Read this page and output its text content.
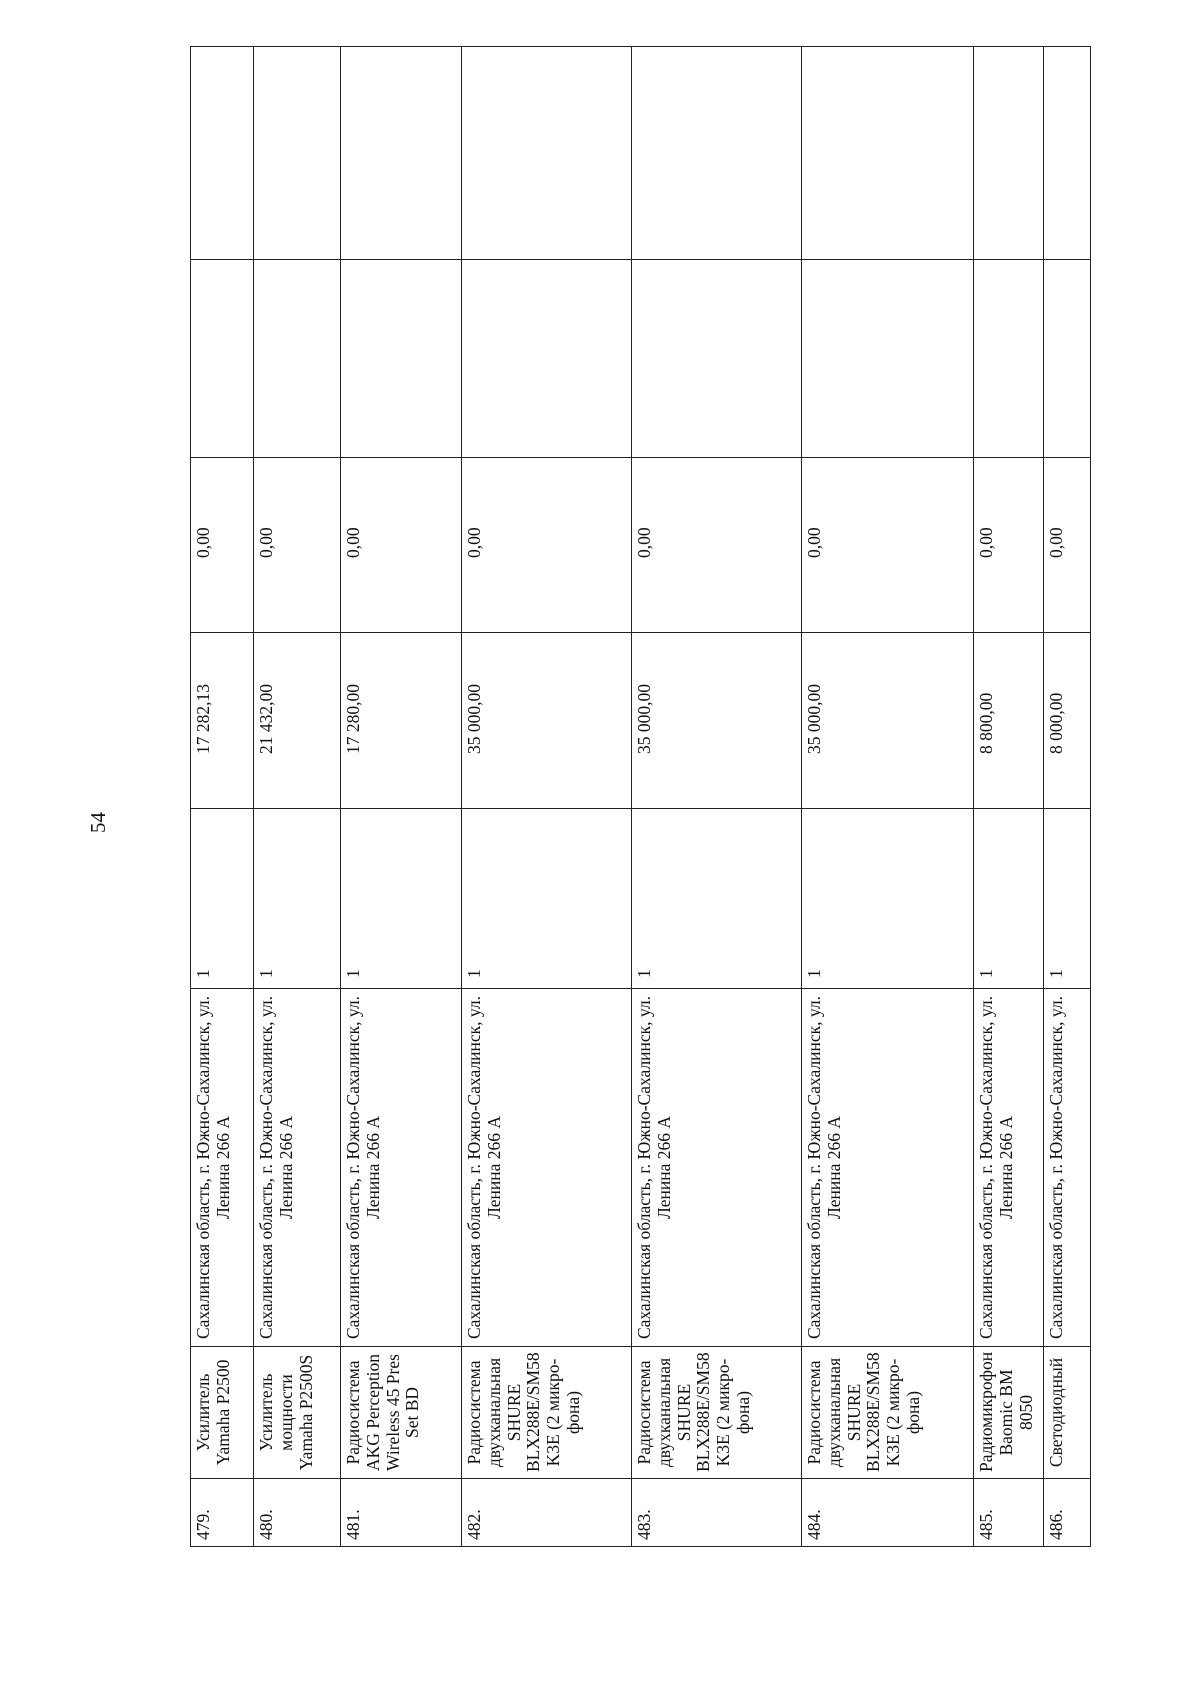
54
479.	Усилитель Yamaha P2500	Сахалинская область, г. Южно-Сахалинск, ул. Ленина 266 А	1	17 282,13	0,00		
480.	Усилитель мощности Yamaha P2500S	Сахалинская область, г. Южно-Сахалинск, ул. Ленина 266 А	1	21 432,00	0,00		
481.	Радиосистема AKG Perception Wireless 45 Pres Set BD	Сахалинская область, г. Южно-Сахалинск, ул. Ленина 266 А	1	17 280,00	0,00		
482.	Радиосистема двухканальная SHURE BLX288E/SM58 K3E (2 микро-фона)	Сахалинская область, г. Южно-Сахалинск, ул. Ленина 266 А	1	35 000,00	0,00		
483.	Радиосистема двухканальная SHURE BLX288E/SM58 K3E (2 микро-фона)	Сахалинская область, г. Южно-Сахалинск, ул. Ленина 266 А	1	35 000,00	0,00		
484.	Радиосистема двухканальная SHURE BLX288E/SM58 K3E (2 микро-фона)	Сахалинская область, г. Южно-Сахалинск, ул. Ленина 266 А	1	35 000,00	0,00		
485.	Радиомикрофон Baomic BM 8050	Сахалинская область, г. Южно-Сахалинск, ул. Ленина 266 А	1	8 800,00	0,00		
486.	Светодиодный	Сахалинская область, г. Южно-Сахалинск, ул.	1	8 000,00	0,00		
